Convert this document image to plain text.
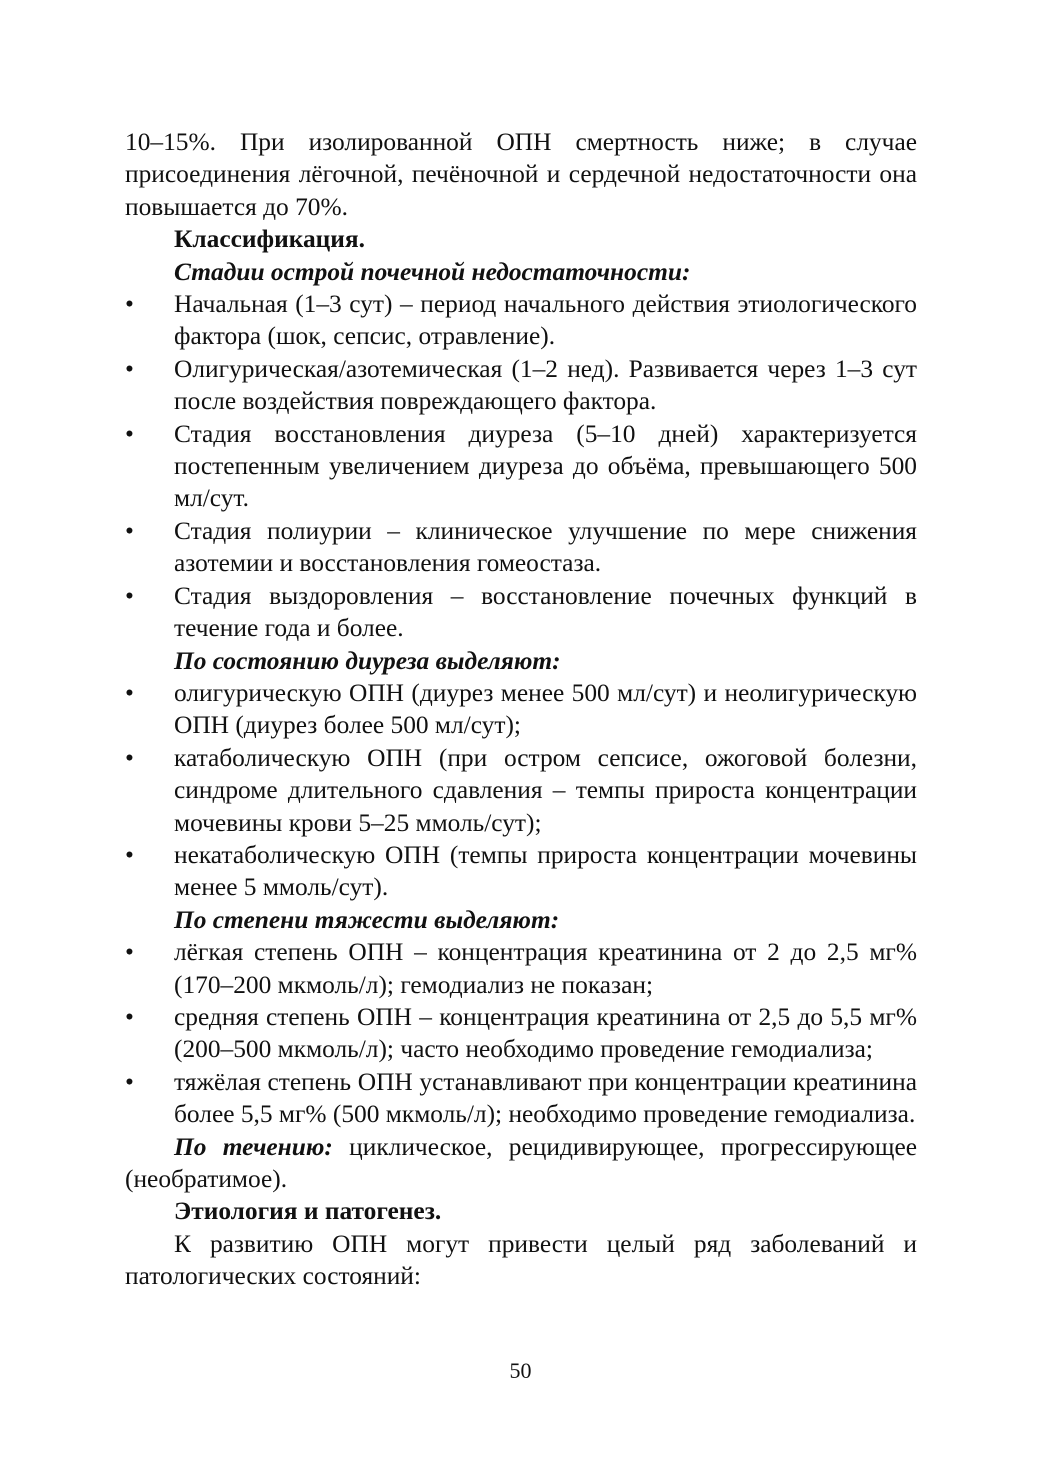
10–15%. При изолированной ОПН смертность ниже; в случае присоединения лёгочной, печёночной и сердечной недостаточности она повышается до 70%.

Классификация.

Стадии острой почечной недостаточности:

• Начальная (1–3 сут) – период начального действия этиологического фактора (шок, сепсис, отравление).
• Олигурическая/азотемическая (1–2 нед). Развивается через 1–3 сут после воздействия повреждающего фактора.
• Стадия восстановления диуреза (5–10 дней) характеризуется постепенным увеличением диуреза до объёма, превышающего 500 мл/сут.
• Стадия полиурии – клиническое улучшение по мере снижения азотемии и восстановления гомеостаза.
• Стадия выздоровления – восстановление почечных функций в течение года и более.

По состоянию диуреза выделяют:

• олигурическую ОПН (диурез менее 500 мл/сут) и неолигурическую ОПН (диурез более 500 мл/сут);
• катаболическую ОПН (при остром сепсисе, ожоговой болезни, синдроме длительного сдавления – темпы прироста концентрации мочевины крови 5–25 ммоль/сут);
• некатаболическую ОПН (темпы прироста концентрации мочевины менее 5 ммоль/сут).

По степени тяжести выделяют:

• лёгкая степень ОПН – концентрация креатинина от 2 до 2,5 мг% (170–200 мкмоль/л); гемодиализ не показан;
• средняя степень ОПН – концентрация креатинина от 2,5 до 5,5 мг% (200–500 мкмоль/л); часто необходимо проведение гемодиализа;
• тяжёлая степень ОПН устанавливают при концентрации креатинина более 5,5 мг% (500 мкмоль/л); необходимо проведение гемодиализа.

По течению: циклическое, рецидивирующее, прогрессирующее (необратимое).

Этиология и патогенез.

К развитию ОПН могут привести целый ряд заболеваний и патологических состояний:

50
